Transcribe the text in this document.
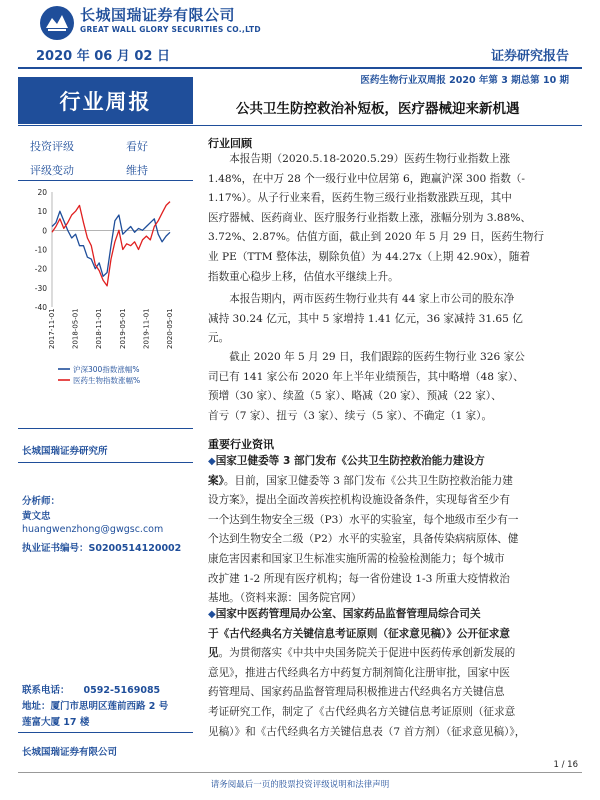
长城国瑞证券有限公司
GREAT WALL GLORY SECURITIES CO.,LTD
2020 年 06 月 02 日	证券研究报告
医药生物行业双周报 2020 年第 3 期总第 10 期
行业周报	公共卫生防控救治补短板，医疗器械迎来新机遇
投资评级	看好
评级变动	维持
20
10
0
-10
-20
-30
-40
2017-11-01 2018-05-01 2018-11-01 2019-05-01 2019-11-01 2020-05-01
沪深300指数涨幅%
医药生物指数涨幅%
长城国瑞证券研究所
分析师：
黄文忠
huangwenzhong@gwgsc.com
执业证书编号：S0200514120002
联系电话： 0592-5169085
地址：厦门市思明区莲前西路 2 号
莲富大厦 17 楼
长城国瑞证券有限公司
行业回顾
本报告期（2020.5.18-2020.5.29）医药生物行业指数上涨
1.48%，在中万 28 个一级行业中位居第 6，跑赢沪深 300 指数（-
1.17%）。从子行业来看，医药生物三级行业指数涨跌互现，其中
医疗器械、医药商业、医疗服务行业指数上涨，涨幅分别为 3.88%、
3.72%、2.87%。估值方面，截止到 2020 年 5 月 29 日，医药生物行
业 PE（TTM 整体法，剔除负值）为 44.27x（上期 42.90x），随着
指数重心稳步上移，估值水平继续上升。
本报告期内，两市医药生物行业共有 44 家上市公司的股东净
减持 30.24 亿元，其中 5 家增持 1.41 亿元，36 家减持 31.65 亿
元。
截止 2020 年 5 月 29 日，我们跟踪的医药生物行业 326 家公
司已有 141 家公布 2020 年上半年业绩预告，其中略增（48 家）、
预增（30 家）、续盈（5 家）、略减（20 家）、预减（22 家）、
首亏（7 家）、扭亏（3 家）、续亏（5 家）、不确定（1 家）。
重要行业资讯
◆国家卫健委等 3 部门发布《公共卫生防控救治能力建设方
案》。目前，国家卫健委等 3 部门发布《公共卫生防控救治能力建
设方案》，提出全面改善疾控机构设施设备条件，实现每省至少有
一个达到生物安全三级（P3）水平的实验室，每个地级市至少有一
个达到生物安全二级（P2）水平的实验室，具备传染病病原体、健
康危害因素和国家卫生标准实施所需的检验检测能力；每个城市
改扩建 1-2 所现有医疗机构；每一省份建设 1-3 所重大疫情救治
基地。（资料来源：国务院官网）
◆国家中医药管理局办公室、国家药品监督管理局综合司关
于《古代经典名方关键信息考证原则（征求意见稿）》公开征求意
见。为贯彻落实《中共中央国务院关于促进中医药传承创新发展的
意见》，推进古代经典名方中药复方制剂简化注册审批，国家中医
药管理局、国家药品监督管理局积极推进古代经典名方关键信息
考证研究工作，制定了《古代经典名方关键信息考证原则（征求意
见稿）》和《古代经典名方关键信息表（7 首方剂）（征求意见稿）》，
1 / 16
请务阅最后一页的股票投资评级说明和法律声明
